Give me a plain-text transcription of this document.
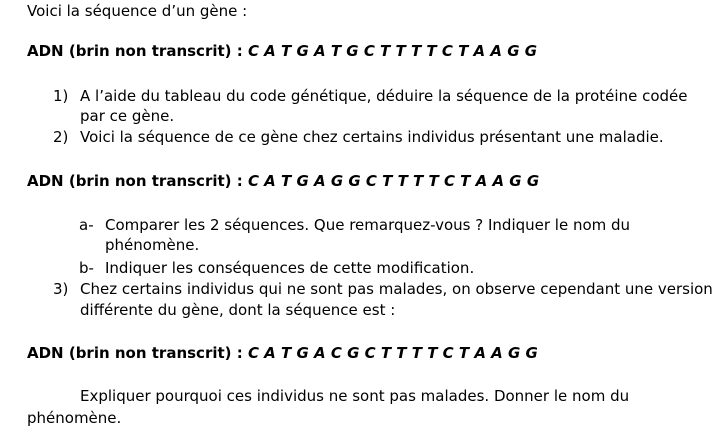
Voici la séquence d’un gène :
ADN (brin non transcrit) : C A T G A T G C T T T T C T A A G G
1) A l’aide du tableau du code génétique, déduire la séquence de la protéine codée
par ce gène.
2) Voici la séquence de ce gène chez certains individus présentant une maladie.
ADN (brin non transcrit) : C A T G A G G C T T T T C T A A G G
a- Comparer les 2 séquences. Que remarquez-vous ? Indiquer le nom du
phénomène.
b- Indiquer les conséquences de cette modification.
3) Chez certains individus qui ne sont pas malades, on observe cependant une version
différente du gène, dont la séquence est :
ADN (brin non transcrit) : C A T G A C G C T T T T C T A A G G
Expliquer pourquoi ces individus ne sont pas malades. Donner le nom du
phénomène.
